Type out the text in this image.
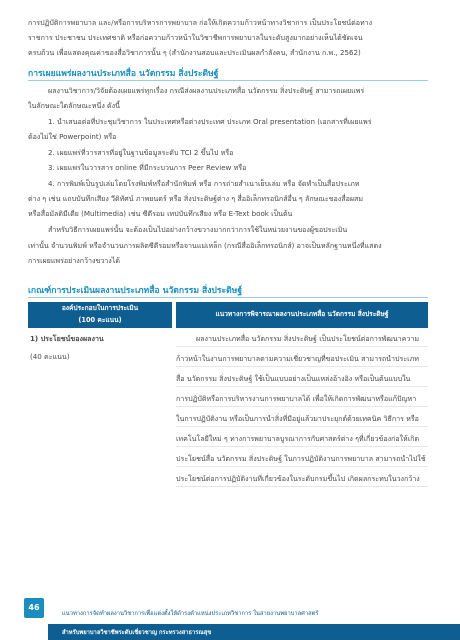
การปฏิบัติการพยาบาล และ/หรือการบริหารการพยาบาล ก่อให้เกิดความก้าวหน้าทางวิชาการ เป็นประโยชน์ต่อทาง
ราชการ ประชาชน ประเทศชาติ หรือก่อความก้าวหน้าในวิชาชีพการพยาบาลในระดับสูงมากอย่างเห็นได้ชัดเจน
ครบถ้วน เพื่อแสดงคุณค่าของสื่อวิชาการนั้น ๆ (สำนักงานสอบและประเมินผลกำลังคน, สำนักงาน ก.พ., 2562)
การเผยแพร่ผลงานประเภทสื่อ นวัตกรรม สิ่งประดิษฐ์
ผลงานวิชาการ/วิจัยต้องเผยแพร่ทุกเรื่อง กรณีส่งผลงานประเภทสื่อ นวัตกรรม สิ่งประดิษฐ์ สามารถเผยแพร่
ในลักษณะใดลักษณะหนึ่ง ดังนี้
1. นำเสนอต่อที่ประชุมวิชาการ ในประเทศหรือต่างประเทศ ประเภท Oral presentation (เอกสารที่เผยแพร่
ต้องไม่ใช่ Powerpoint) หรือ
2. เผยแพร่ที่วารสารที่อยู่ในฐานข้อมูลระดับ TCI 2 ขึ้นไป หรือ
3. เผยแพร่ในวารสาร online ที่มีกระบวนการ Peer Review หรือ
4. การพิมพ์เป็นรูปเล่มโดยโรงพิมพ์หรือสำนักพิมพ์ หรือ การถ่ายสำเนาเย็บเล่ม หรือ จัดทำเป็นสื่อประเภท
ต่าง ๆ เช่น แถบบันทึกเสียง วีดิทัศน์ ภาพยนตร์ หรือ สิ่งประดิษฐ์ต่าง ๆ สื่ออิเล็กทรอนิกส์อื่น ๆ ลักษณะของสื่อผสม
หรือสื่อมัลติมีเดีย (Multimedia) เช่น ซีดีรอม เทปบันทึกเสียง หรือ E-Text book เป็นต้น
สำหรับวิธีการเผยแพร่นั้น จะต้องเป็นไปอย่างกว้างขวางมากกว่าการใช้ในหน่วยงานของผู้ขอประเมิน
เท่านั้น จำนวนพิมพ์ หรือจำนวนการผลิตซีดีรอมหรือจานแม่เหล็ก (กรณีสื่ออิเล็กทรอนิกส์) อาจเป็นหลักฐานหนึ่งที่แสดง
การเผยแพร่อย่างกว้างขวางได้
เกณฑ์การประเมินผลงานประเภทสื่อ นวัตกรรม สิ่งประดิษฐ์
องค์ประกอบในการประเมิน
(100 คะแนน)
แนวทางการพิจารณาผลงานประเภทสื่อ นวัตกรรม สิ่งประดิษฐ์
1) ประโยชน์ของผลงาน
(40 คะแนน)
ผลงานประเภทสื่อ นวัตกรรม สิ่งประดิษฐ์ เป็นประโยชน์ต่อการพัฒนาความ
ก้าวหน้าในงานการพยาบาลตามความเชี่ยวชาญที่ขอประเมิน สามารถนำประเภท
สื่อ นวัตกรรม สิ่งประดิษฐ์ ใช้เป็นแบบอย่างเป็นแหล่งอ้างอิง หรือเป็นต้นแบบใน
การปฏิบัติหรือการบริหารงานการพยาบาลได้ เพื่อให้เกิดการพัฒนาหรือแก้ปัญหา
ในการปฏิบัติงาน หรือเป็นการนำสิ่งที่มีอยู่แล้วมาประยุกต์ด้วยเทคนิค วิธีการ หรือ
เทคโนโลยีใหม่ ๆ ทางการพยาบาลบูรณาการกับศาสตร์ต่าง ๆที่เกี่ยวข้องก่อให้เกิด
ประโยชน์สื่อ นวัตกรรม สิ่งประดิษฐ์ ในการปฏิบัติงานการพยาบาล สามารถนำไปใช้
ประโยชน์ต่อการปฏิบัติงานที่เกี่ยวข้องในระดับกรมขึ้นไป เกิดผลกระทบในวงกว้าง
46
แนวทางการจัดทำผลงานวิชาการเพื่อแต่งตั้งให้ดำรงตำแหน่งประเภทวิชาการ ในสายงานพยาบาลศาสตร์
สำหรับพยาบาลวิชาชีพระดับเชี่ยวชาญ กระทรวงสาธารณสุข
